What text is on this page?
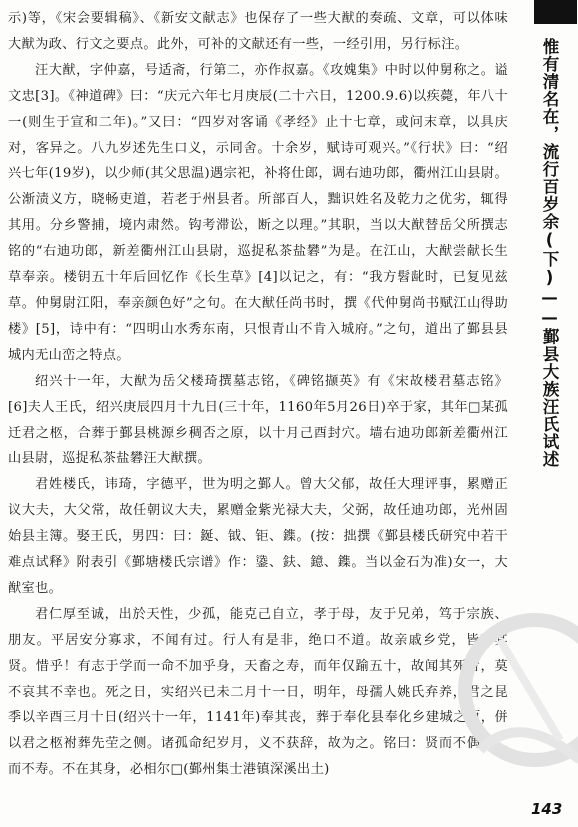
示)等，《宋会要辑稿》、《新安文献志》也保存了一些大猷的奏疏、文章，可以体味大猷为政、行文之要点。此外，可补的文献还有一些，一经引用，另行标注。

汪大猷，字仲嘉，号适斋，行第二，亦作叔嘉。《攻媿集》中时以仲舅称之。谥文忠[3]。《神道碑》曰：“庆元六年七月庚辰(二十六日，1200.9.6)以疾薨，年八十一(则生于宣和二年)。”又曰：“四岁对客诵《孝经》止十七章，或问末章，以具庆对，客异之。八九岁述先生口义，示同舍。十余岁，赋诗可观兴。”《行状》曰：“绍兴七年(19岁)，以少师(其父思温)遇宗祀，补将仕郎，调右迪功郎，衢州江山县尉。公渐渍义方，晓畅吏道，若老于州县者。所部百人，黜识姓名及乾力之优劣，辄得其用。分乡警捕，境内肃然。钩考滞讼，断之以理。”其职，当以大猷替岳父所撰志铭的“右迪功郎，新差衢州江山县尉，巡捉私茶盐礬”为是。在江山，大猷尝献长生草奉亲。楼钥五十年后回忆作《长生草》[4]以记之，有：“我方髫龀时，已复见兹草。仲舅尉江阳，奉亲颜色好”之句。在大猷任尚书时，撰《代仲舅尚书赋江山得助楼》[5]，诗中有：“四明山水秀东南，只恨青山不肯入城府。”之句，道出了鄞县县城内无山峦之特点。

绍兴十一年，大猷为岳父楼琦撰墓志铭，《碑铭撷英》有《宋故楼君墓志铭》[6]夫人王氏，绍兴庚辰四月十九日(三十年，1160年5月26日)卒于家，其年□某孤迁君之柩，合葬于鄞县桃源乡稠否之原，以十月己酉封穴。墙右迪功郎新差衢州江山县尉，巡捉私茶盐礬汪大猷撰。

君姓楼氏，讳琦，字德平，世为明之鄞人。曾大父郁，故任大理评事，累赠正议大夫，大父常，故任朝议大夫，累赠金紫光禄大夫，父弼，故任迪功郎，光州固始县主簿。娶王氏，男四：曰：鋋、钺、钜、鏶。(按：拙撰《鄞县楼氏研究中若干难点试释》附表引《鄞塘楼氏宗谱》作：鍌、鈇、鐿、鏶。当以金石为准)女一，大猷室也。

君仁厚至诚，出於天性，少孤，能克己自立，孝于母，友于兄弟，笃于宗族、朋友。平居安分寡求，不闻有过。行人有是非，绝口不道。故亲戚乡党，皆称其贤。惜乎！有志于学而一命不加乎身，天畜之寿，而年仅踰五十，故闻其死者，莫不哀其不幸也。死之日，实绍兴已未二月十一日，明年，母孺人姚氏弃养，君之昆季以辛酉三月十日(绍兴十一年，1141年)奉其丧，葬于奉化县奉化乡建城之原，併以君之柩袝葬先茔之侧。诸孤命纪岁月，义不获辞，故为之。铭曰：贤而不偶，仁而不寿。不在其身，必相尔□(鄞州集士港镇深溪出土)

惟有清名在，流行百岁余(下)——鄞县大族汪氏试述
143
